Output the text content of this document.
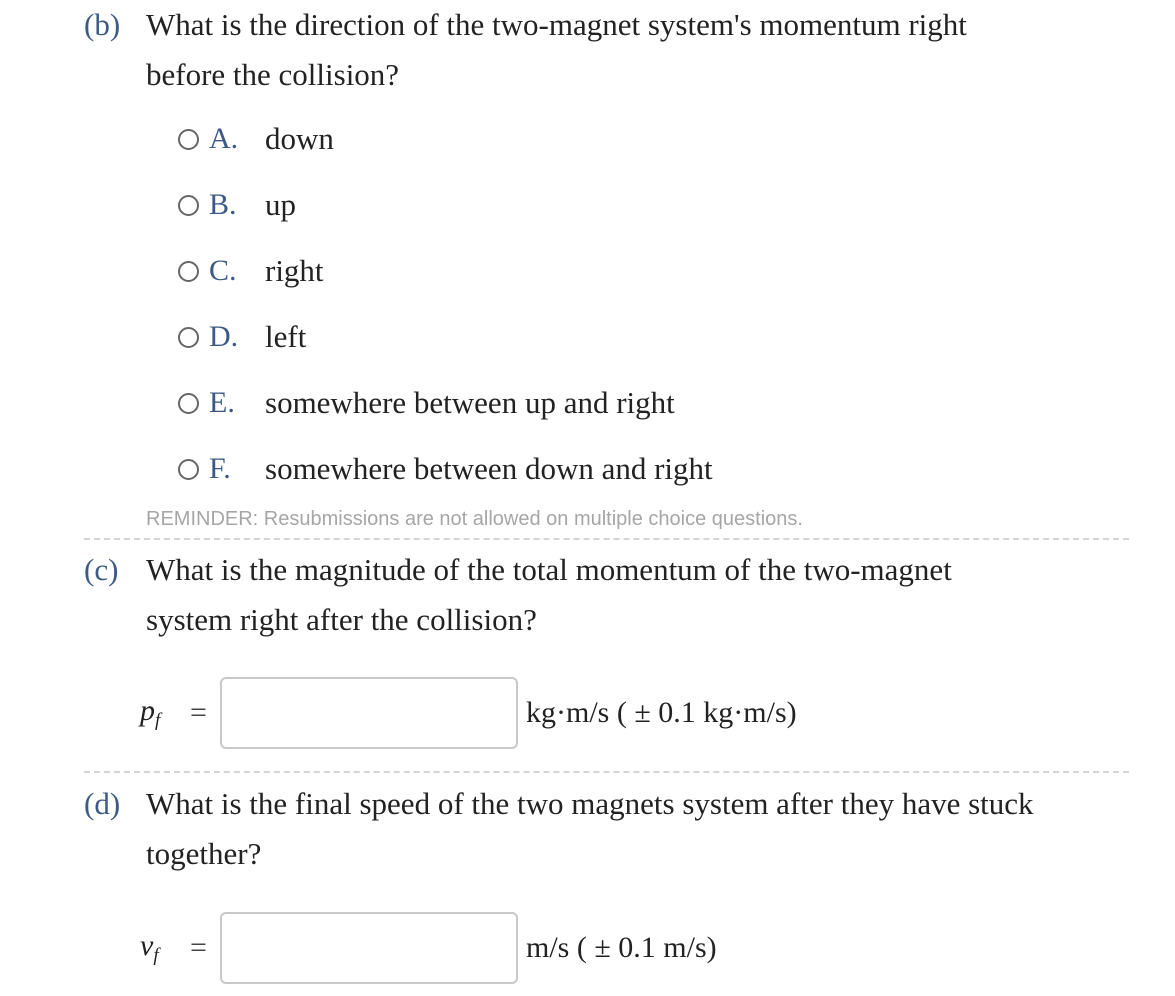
(b) What is the direction of the two-magnet system's momentum right
before the collision?
A. down
B. up
C. right
D. left
E. somewhere between up and right
F.	somewhere between down and right
REMINDER: Resubmissions are not allowed on multiple choice questions.
(c) What is the magnitude of the total momentum of the two-magnet
system right after the collision?
$p_f$ =	kg·m/s ( ± 0.1 kg·m/s)
(d) What is the final speed of the two magnets system after they have stuck
together?
$v_f$	=	m/s ( ± 0.1 m/s)
